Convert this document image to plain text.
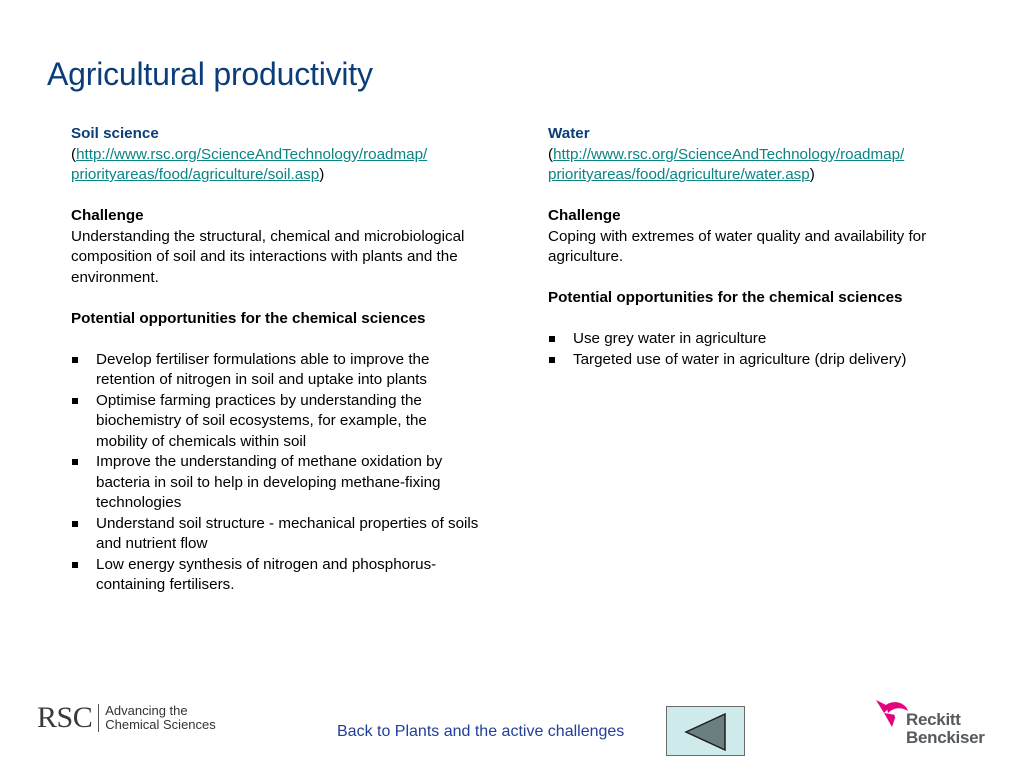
Agricultural productivity
Soil science
(http://www.rsc.org/ScienceAndTechnology/roadmap/
priorityareas/food/agriculture/soil.asp)
Challenge
Understanding the structural, chemical and microbiological composition of soil and its interactions with plants and the environment.
Potential opportunities for the chemical sciences
Develop fertiliser formulations able to improve the retention of nitrogen in soil and uptake into plants
Optimise farming practices by understanding the biochemistry of soil ecosystems, for example, the mobility of chemicals within soil
Improve the understanding of methane oxidation by bacteria in soil to help in developing methane-fixing technologies
Understand soil structure - mechanical properties of soils and nutrient flow
Low energy synthesis of nitrogen and phosphorus-containing fertilisers.
Water
(http://www.rsc.org/ScienceAndTechnology/roadmap/
priorityareas/food/agriculture/water.asp)
Challenge
Coping with extremes of water quality and availability for agriculture.
Potential opportunities for the chemical sciences
Use grey water in agriculture
Targeted use of water in agriculture (drip delivery)
RSC Advancing the
Chemical Sciences	Back to Plants and the active challenges
rb Reckitt
Benckiser
